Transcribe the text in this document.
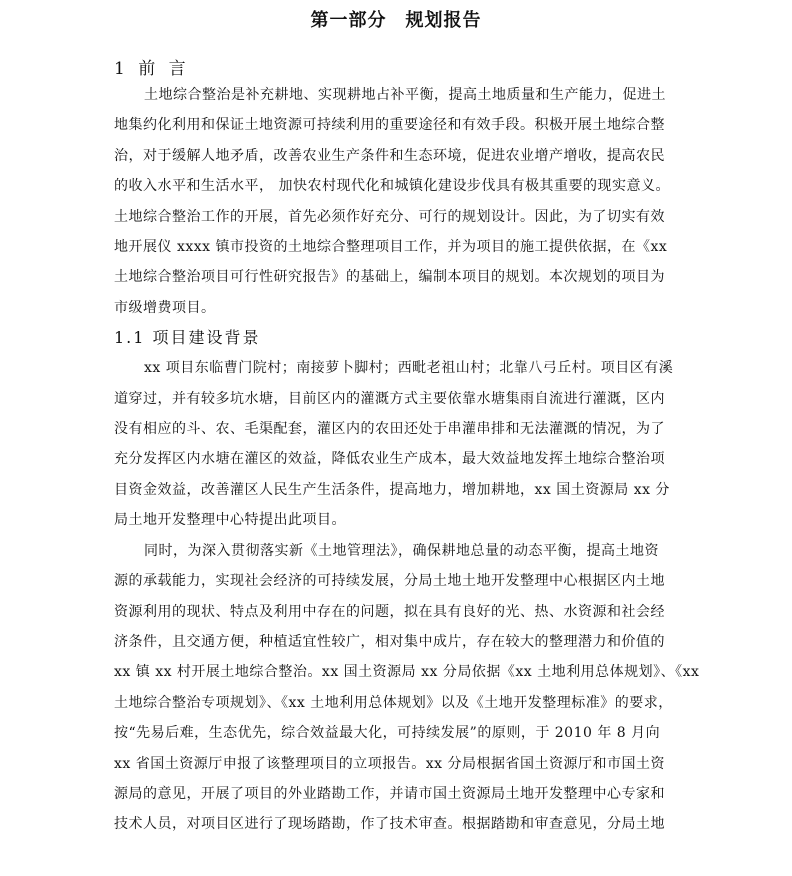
第一部分　规划报告
1 前 言

土地综合整治是补充耕地、实现耕地占补平衡，提高土地质量和生产能力，促进土
地集约化利用和保证土地资源可持续利用的重要途径和有效手段。积极开展土地综合整
治，对于缓解人地矛盾，改善农业生产条件和生态环境，促进农业增产增收，提高农民
的收入水平和生活水平， 加快农村现代化和城镇化建设步伐具有极其重要的现实意义。
土地综合整治工作的开展，首先必须作好充分、可行的规划设计。因此，为了切实有效
地开展仪 xxxx 镇市投资的土地综合整理项目工作，并为项目的施工提供依据，在《xx
土地综合整治项目可行性研究报告》的基础上，编制本项目的规划。本次规划的项目为
市级增费项目。

1.1 项目建设背景

xx 项目东临曹门院村；南接萝卜脚村；西毗老祖山村；北靠八弓丘村。项目区有溪
道穿过，并有较多坑水塘，目前区内的灌溉方式主要依靠水塘集雨自流进行灌溉，区内
没有相应的斗、农、毛渠配套，灌区内的农田还处于串灌串排和无法灌溉的情况，为了
充分发挥区内水塘在灌区的效益，降低农业生产成本，最大效益地发挥土地综合整治项
目资金效益，改善灌区人民生产生活条件，提高地力，增加耕地，xx 国土资源局 xx 分
局土地开发整理中心特提出此项目。

同时，为深入贯彻落实新《土地管理法》，确保耕地总量的动态平衡，提高土地资
源的承载能力，实现社会经济的可持续发展，分局土地土地开发整理中心根据区内土地
资源利用的现状、特点及利用中存在的问题，拟在具有良好的光、热、水资源和社会经
济条件，且交通方便，种植适宜性较广，相对集中成片，存在较大的整理潜力和价值的
xx 镇 xx 村开展土地综合整治。xx 国土资源局 xx 分局依据《xx 土地利用总体规划》、《xx
土地综合整治专项规划》、《xx 土地利用总体规划》以及《土地开发整理标准》的要求，
按“先易后难，生态优先，综合效益最大化，可持续发展”的原则，于 2010 年 8 月向
xx 省国土资源厅申报了该整理项目的立项报告。xx 分局根据省国土资源厅和市国土资
源局的意见，开展了项目的外业踏勘工作，并请市国土资源局土地开发整理中心专家和
技术人员，对项目区进行了现场踏勘，作了技术审查。根据踏勘和审查意见，分局土地
